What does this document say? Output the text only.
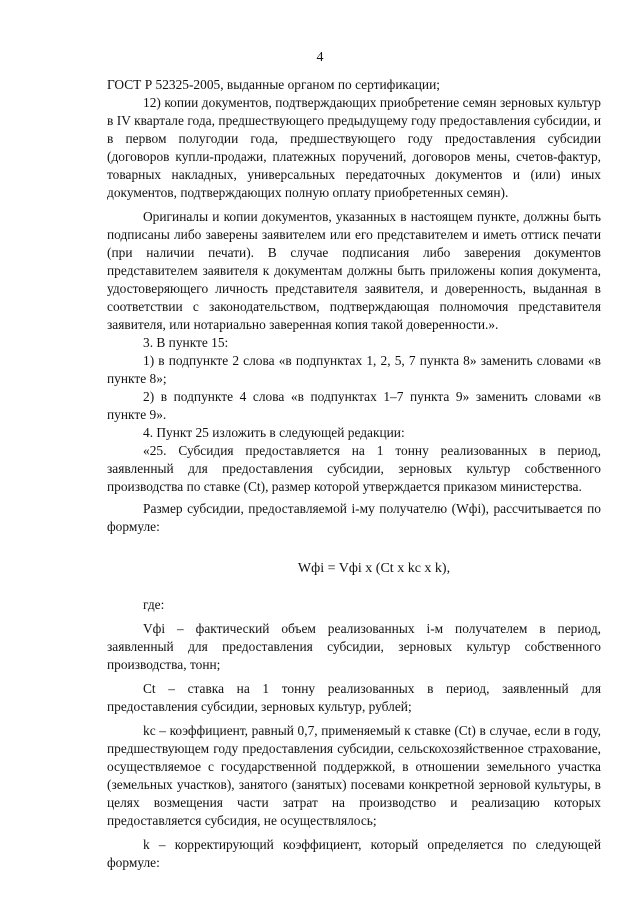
4

ГОСТ Р 52325-2005, выданные органом по сертификации;

12) копии документов, подтверждающих приобретение семян зерновых культур в IV квартале года, предшествующего предыдущему году предоставления субсидии, и в первом полугодии года, предшествующего году предоставления субсидии (договоров купли-продажи, платежных поручений, договоров мены, счетов-фактур, товарных накладных, универсальных передаточных документов и (или) иных документов, подтверждающих полную оплату приобретенных семян).

Оригиналы и копии документов, указанных в настоящем пункте, должны быть подписаны либо заверены заявителем или его представителем и иметь оттиск печати (при наличии печати). В случае подписания либо заверения документов представителем заявителя к документам должны быть приложены копия документа, удостоверяющего личность представителя заявителя, и доверенность, выданная в соответствии с законодательством, подтверждающая полномочия представителя заявителя, или нотариально заверенная копия такой доверенности.».

3. В пункте 15:

1) в подпункте 2 слова «в подпунктах 1, 2, 5, 7 пункта 8» заменить словами «в пункте 8»;

2) в подпункте 4 слова «в подпунктах 1–7 пункта 9» заменить словами «в пункте 9».

4. Пункт 25 изложить в следующей редакции:

«25. Субсидия предоставляется на 1 тонну реализованных в период, заявленный для предоставления субсидии, зерновых культур собственного производства по ставке (Ct), размер которой утверждается приказом министерства.

Размер субсидии, предоставляемой i-му получателю (Wфi), рассчитывается по формуле:

Wфi = Vфi x (Ct x kc x k),

где:

Vфi – фактический объем реализованных i-м получателем в период, заявленный для предоставления субсидии, зерновых культур собственного производства, тонн;

Ct – ставка на 1 тонну реализованных в период, заявленный для предоставления субсидии, зерновых культур, рублей;

kc – коэффициент, равный 0,7, применяемый к ставке (Ct) в случае, если в году, предшествующем году предоставления субсидии, сельскохозяйственное страхование, осуществляемое с государственной поддержкой, в отношении земельного участка (земельных участков), занятого (занятых) посевами конкретной зерновой культуры, в целях возмещения части затрат на производство и реализацию которых предоставляется субсидия, не осуществлялось;

k – корректирующий коэффициент, который определяется по следующей формуле:
